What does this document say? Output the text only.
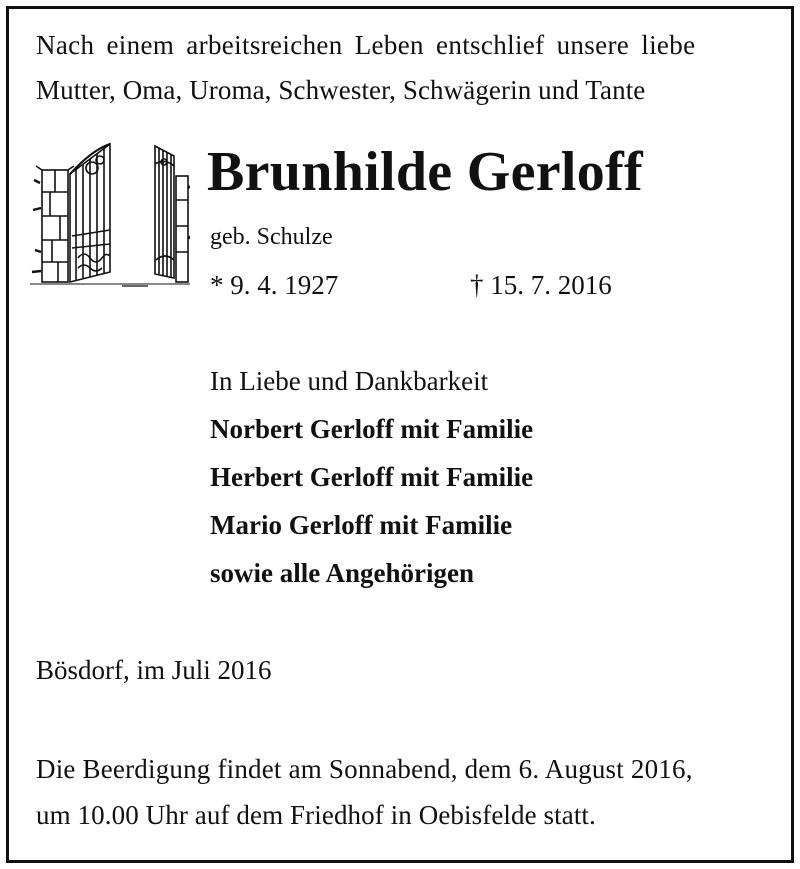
Nach einem arbeitsreichen Leben entschlief unsere liebe
Mutter, Oma, Uroma, Schwester, Schwägerin und Tante
Brunhilde Gerloff
geb. Schulze
* 9. 4. 1927	† 15. 7. 2016
In Liebe und Dankbarkeit
Norbert Gerloff mit Familie
Herbert Gerloff mit Familie
Mario Gerloff mit Familie
sowie alle Angehörigen
Bösdorf, im Juli 2016
Die Beerdigung findet am Sonnabend, dem 6. August 2016,
um 10.00 Uhr auf dem Friedhof in Oebisfelde statt.
